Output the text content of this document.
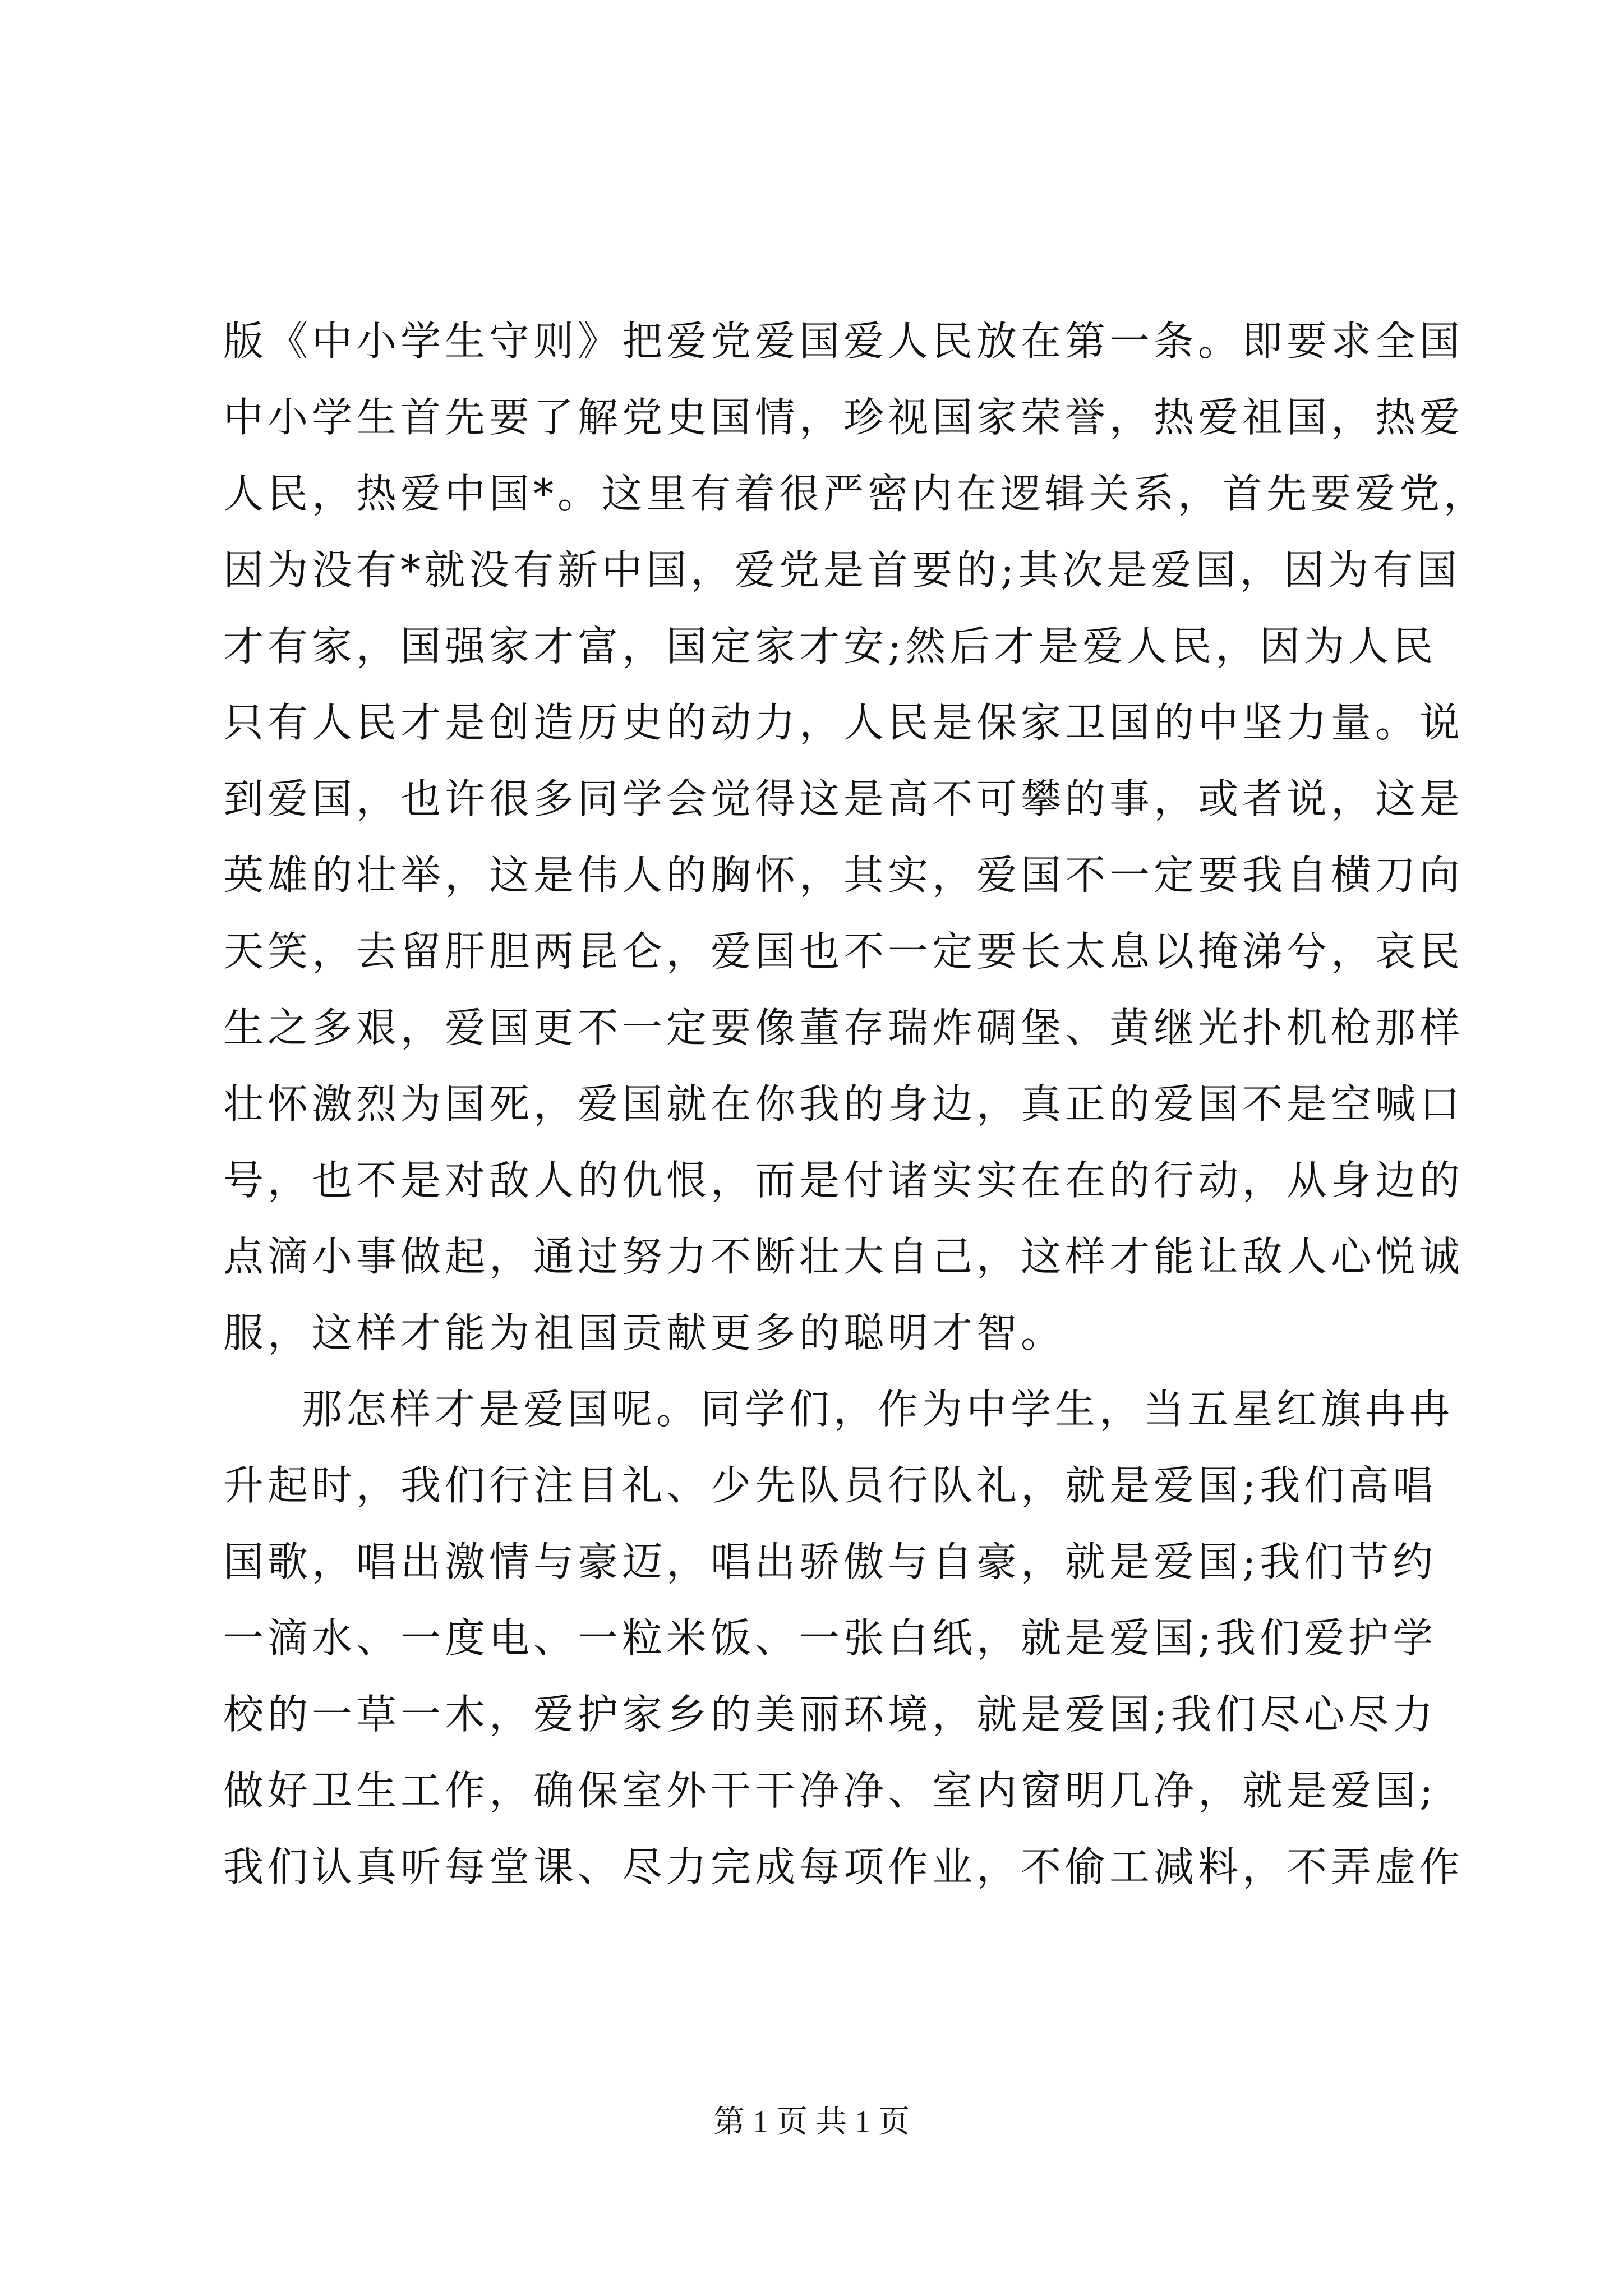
版《中小学生守则》把爱党爱国爱人民放在第一条。即要求全国
中小学生首先要了解党史国情，珍视国家荣誉，热爱祖国，热爱
人民，热爱中国*。这里有着很严密内在逻辑关系，首先要爱党，
因为没有*就没有新中国，爱党是首要的;其次是爱国，因为有国
才有家，国强家才富，国定家才安;然后才是爱人民，因为人民
只有人民才是创造历史的动力，人民是保家卫国的中坚力量。说
到爱国，也许很多同学会觉得这是高不可攀的事，或者说，这是
英雄的壮举，这是伟人的胸怀，其实，爱国不一定要我自横刀向
天笑，去留肝胆两昆仑，爱国也不一定要长太息以掩涕兮，哀民
生之多艰，爱国更不一定要像董存瑞炸碉堡、黄继光扑机枪那样
壮怀激烈为国死，爱国就在你我的身边，真正的爱国不是空喊口
号，也不是对敌人的仇恨，而是付诸实实在在的行动，从身边的
点滴小事做起，通过努力不断壮大自己，这样才能让敌人心悦诚
服，这样才能为祖国贡献更多的聪明才智。
那怎样才是爱国呢。同学们，作为中学生，当五星红旗冉冉
升起时，我们行注目礼、少先队员行队礼，就是爱国;我们高唱
国歌，唱出激情与豪迈，唱出骄傲与自豪，就是爱国;我们节约
一滴水、一度电、一粒米饭、一张白纸，就是爱国;我们爱护学
校的一草一木，爱护家乡的美丽环境，就是爱国;我们尽心尽力
做好卫生工作，确保室外干干净净、室内窗明几净，就是爱国;
我们认真听每堂课、尽力完成每项作业，不偷工减料，不弄虚作
第 1 页 共 1 页
